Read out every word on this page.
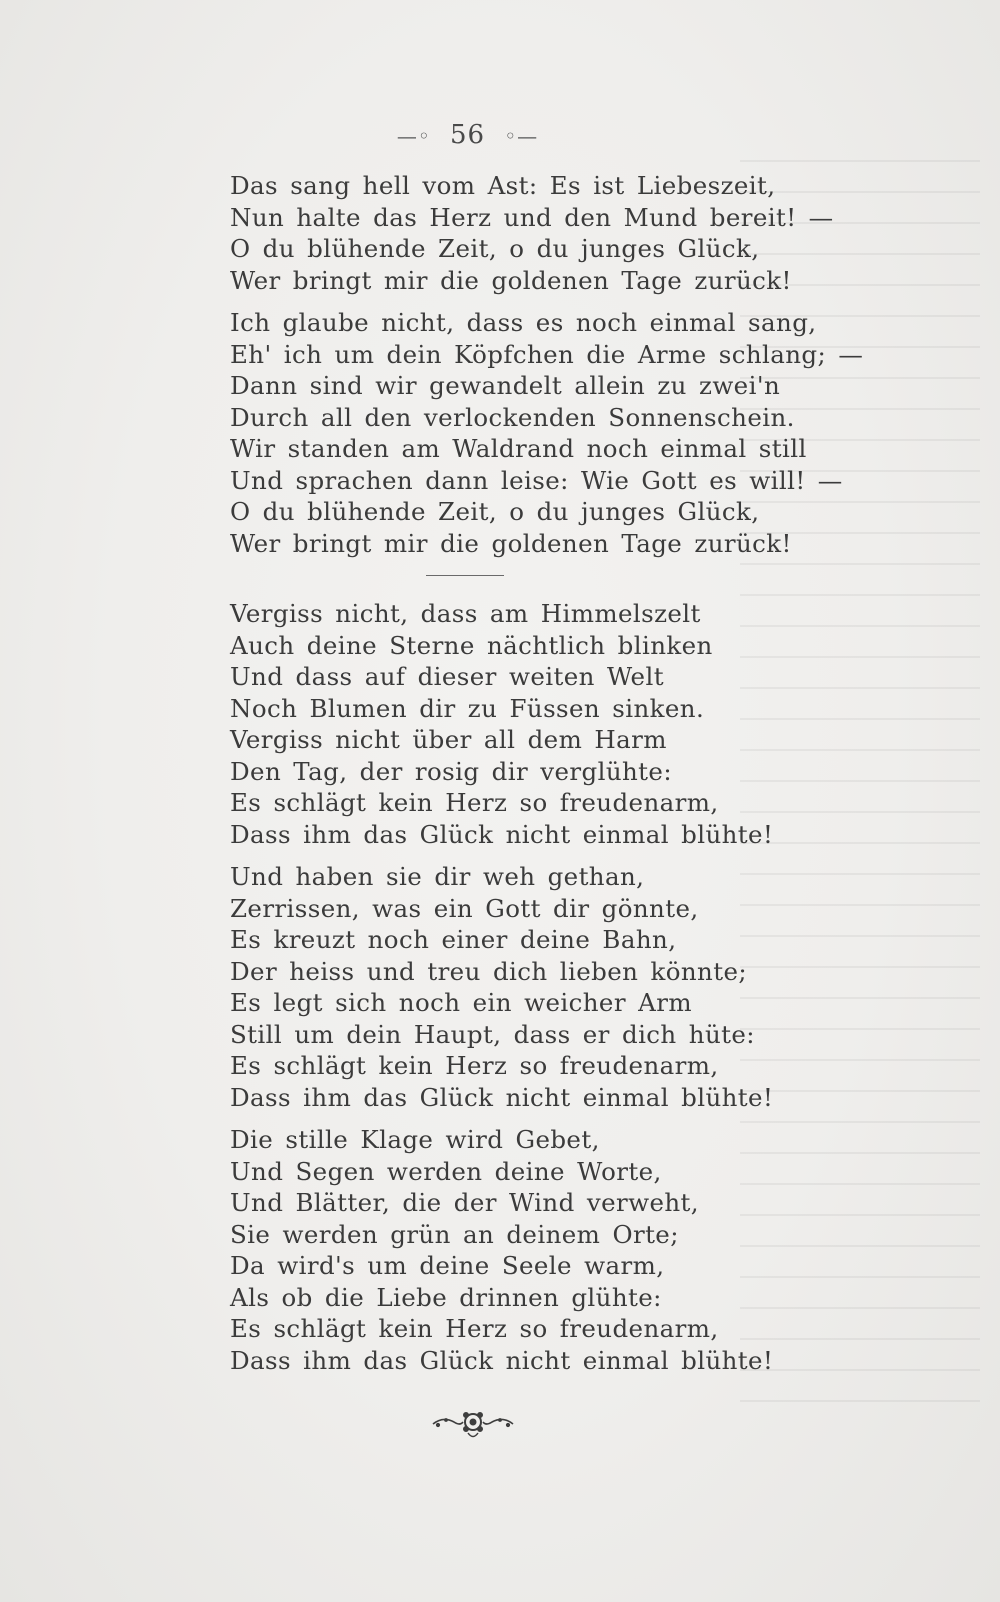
—◦ 56 ◦—
Das sang hell vom Ast: Es ist Liebeszeit,
Nun halte das Herz und den Mund bereit! —
O du blühende Zeit, o du junges Glück,
Wer bringt mir die goldenen Tage zurück!
Ich glaube nicht, dass es noch einmal sang,
Eh' ich um dein Köpfchen die Arme schlang; —
Dann sind wir gewandelt allein zu zwei'n
Durch all den verlockenden Sonnenschein.
Wir standen am Waldrand noch einmal still
Und sprachen dann leise: Wie Gott es will! —
O du blühende Zeit, o du junges Glück,
Wer bringt mir die goldenen Tage zurück!
Vergiss nicht, dass am Himmelszelt
Auch deine Sterne nächtlich blinken
Und dass auf dieser weiten Welt
Noch Blumen dir zu Füssen sinken.
Vergiss nicht über all dem Harm
Den Tag, der rosig dir verglühte:
Es schlägt kein Herz so freudenarm,
Dass ihm das Glück nicht einmal blühte!
Und haben sie dir weh gethan,
Zerrissen, was ein Gott dir gönnte,
Es kreuzt noch einer deine Bahn,
Der heiss und treu dich lieben könnte;
Es legt sich noch ein weicher Arm
Still um dein Haupt, dass er dich hüte:
Es schlägt kein Herz so freudenarm,
Dass ihm das Glück nicht einmal blühte!
Die stille Klage wird Gebet,
Und Segen werden deine Worte,
Und Blätter, die der Wind verweht,
Sie werden grün an deinem Orte;
Da wird's um deine Seele warm,
Als ob die Liebe drinnen glühte:
Es schlägt kein Herz so freudenarm,
Dass ihm das Glück nicht einmal blühte!
